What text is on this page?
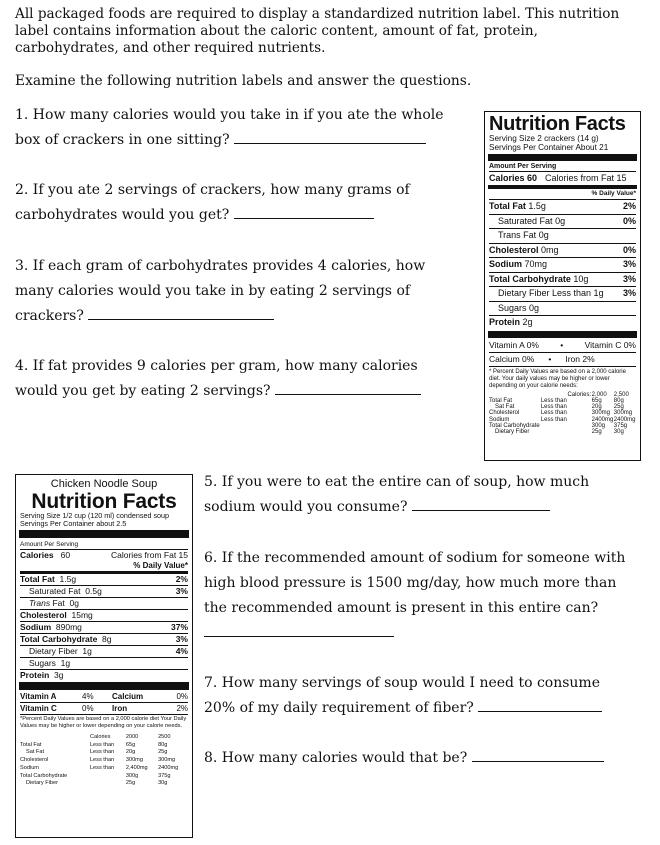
All packaged foods are required to display a standardized nutrition label. This nutrition label contains information about the caloric content, amount of fat, protein, carbohydrates, and other required nutrients.
Examine the following nutrition labels and answer the questions.
1. How many calories would you take in if you ate the whole
box of crackers in one sitting?
2. If you ate 2 servings of crackers, how many grams of
carbohydrates would you get?
3. If each gram of carbohydrates provides 4 calories, how
many calories would you take in by eating 2 servings of
crackers?
4. If fat provides 9 calories per gram, how many calories
would you get by eating 2 servings?
5. If you were to eat the entire can of soup, how much
sodium would you consume?
6. If the recommended amount of sodium for someone with
high blood pressure is 1500 mg/day, how much more than
the recommended amount is present in this entire can?
7. How many servings of soup would I need to consume
20% of my daily requirement of fiber?
8. How many calories would that be?
Nutrition Facts
Serving Size 2 crackers (14 g)
Servings Per Container About 21
Amount Per Serving
Calories 60 Calories from Fat 15
% Daily Value*
Total Fat 1.5g	2%
Saturated Fat 0g	0%
Trans Fat 0g
Cholesterol 0mg	0%
Sodium 70mg	3%
Total Carbohydrate 10g	3%
Dietary Fiber Less than 1g 3%
Sugars 0g
Protein 2g
Vitamin A 0%	•	Vitamin C 0%
Calcium 0% • Iron 2%
* Percent Daily Values are based on a 2,000 calorie diet. Your daily values may be higher or lower depending on your calorie needs:
		Calories:	2,000	2,500
Total Fat	Less than		65g	80g
Sat Fat	Less than		20g	25g
Cholesterol	Less than		300mg	300mg
Sodium	Less than		2400mg	2400mg
Total Carbohydrate			300g	375g
Dietary Fiber			25g	30g
Chicken Noodle Soup
Nutrition Facts
Serving Size 1/2 cup (120 ml) condensed soup
Servings Per Container about 2.5
Amount Per Serving
Calories 60	Calories from Fat 15
% Daily Value*
Total Fat 1.5g	2%
Saturated Fat 0.5g	3%
Trans Fat 0g
Cholesterol 15mg
Sodium 890mg	37%
Total Carbohydrate 8g	3%
Dietary Fiber 1g	4%
Sugars 1g
Protein 3g
Vitamin A	4%	Calcium	0%
Vitamin C	0%	Iron	2%
*Percent Daily Values are based on a 2,000 calorie diet Your Daily Values may be higher or lower depending on your calorie needs.
	Calories	2000	2500
Total Fat	Less than	65g	80g
Sat Fat	Less than	20g	25g
Cholesterol	Less than	300mg	300mg
Sodium	Less than	2,400mg	2400mg
Total Carbohydrate		300g	375g
Dietary Fiber		25g	30g
